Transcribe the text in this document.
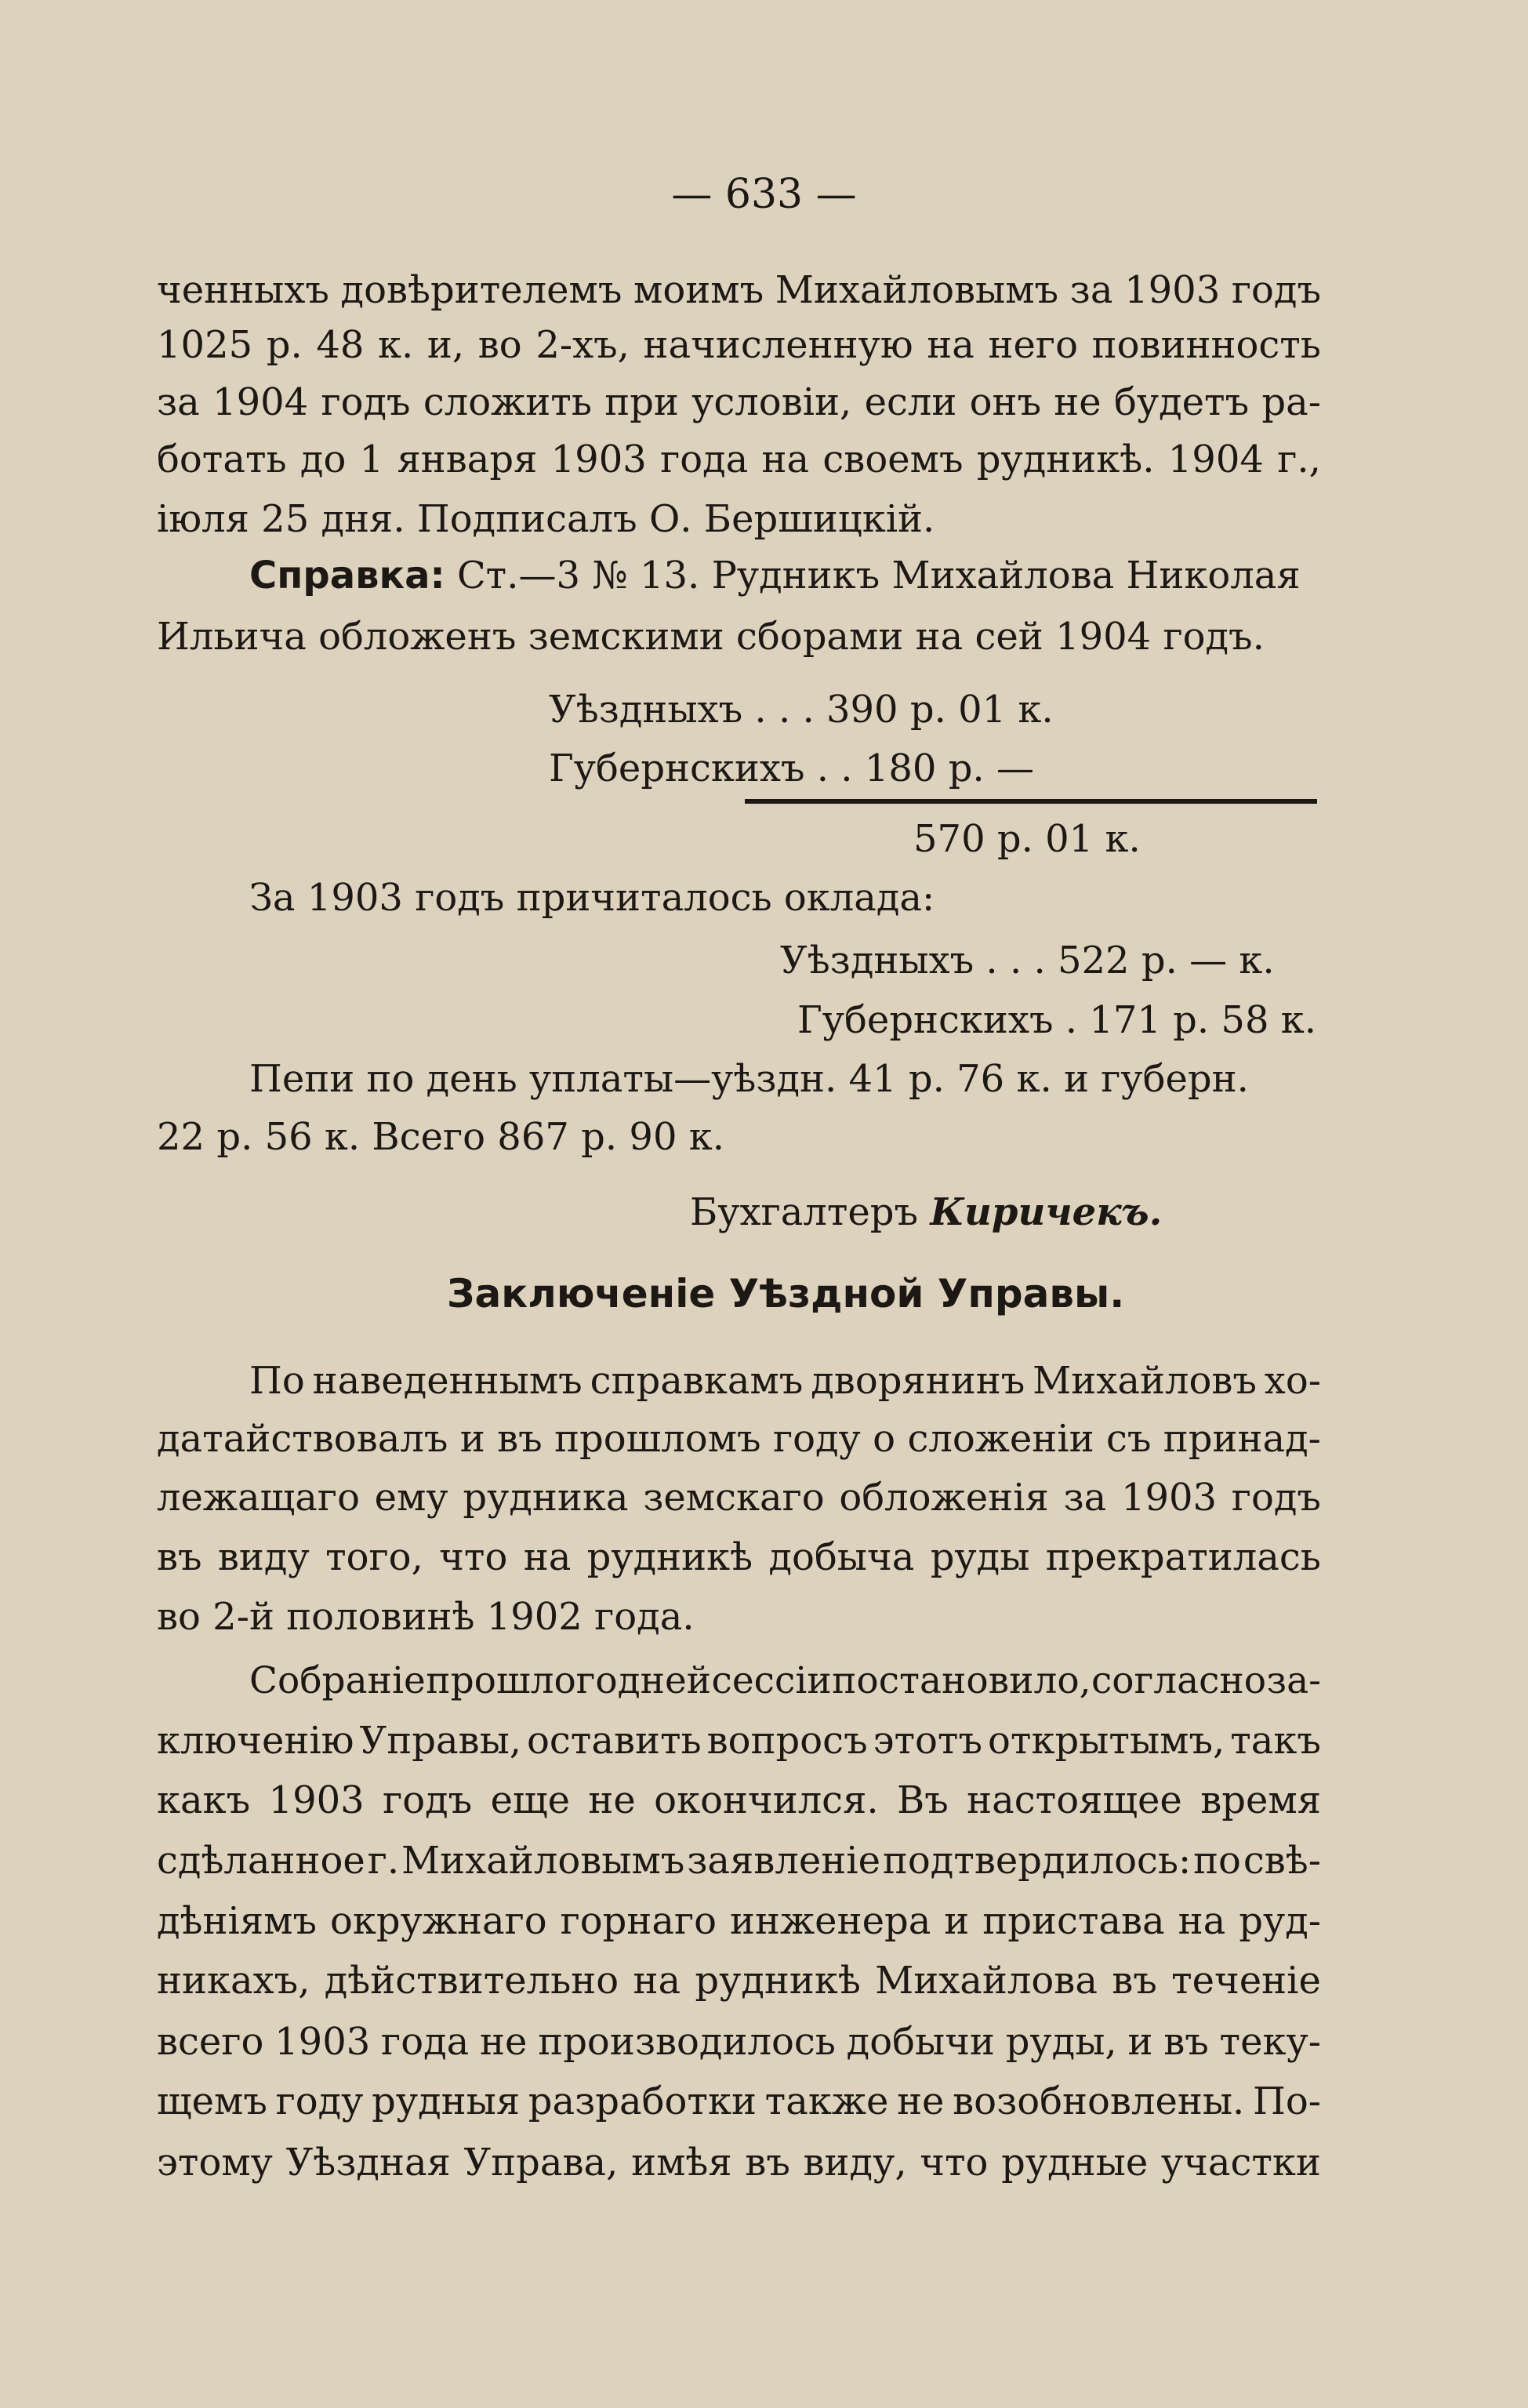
— 633 —
ченныхъ довѣрителемъ моимъ Михайловымъ за 1903 годъ
1025 р. 48 к. и, во 2-хъ, начисленную на него повинность
за 1904 годъ сложить при условіи, если онъ не будетъ ра-
ботать до 1 января 1903 года на своемъ рудникѣ. 1904 г.,
іюля 25 дня. Подписалъ О. Бершицкій.
Справка: Ст.—3 № 13. Рудникъ Михайлова Николая
Ильича обложенъ земскими сборами на сей 1904 годъ.
Уѣздныхъ . . . 390 р. 01 к.
Губернскихъ . . 180 р. —
570 р. 01 к.
За 1903 годъ причиталось оклада:
Уѣздныхъ . . . 522 р. — к.
Губернскихъ . 171 р. 58 к.
Пепи по день уплаты—уѣздн. 41 р. 76 к. и губерн.
22 р. 56 к. Всего 867 р. 90 к.
Бухгалтеръ Киричекъ.
Заключеніе Уѣздной Управы.
По наведеннымъ справкамъ дворянинъ Михайловъ хо-
датайствовалъ и въ прошломъ году о сложеніи съ принад-
лежащаго ему рудника земскаго обложенія за 1903 годъ
въ виду того, что на рудникѣ добыча руды прекратилась
во 2-й половинѣ 1902 года.
Собраніе прошлогодней сессіи постановило, согласно за-
ключенію Управы, оставить вопросъ этотъ открытымъ, такъ
какъ 1903 годъ еще не окончился. Въ настоящее время
сдѣланное г. Михайловымъ заявленіе подтвердилось: по свѣ-
дѣніямъ окружнаго горнаго инженера и пристава на руд-
никахъ, дѣйствительно на рудникѣ Михайлова въ теченіе
всего 1903 года не производилось добычи руды, и въ теку-
щемъ году рудныя разработки также не возобновлены. По-
этому Уѣздная Управа, имѣя въ виду, что рудные участки
